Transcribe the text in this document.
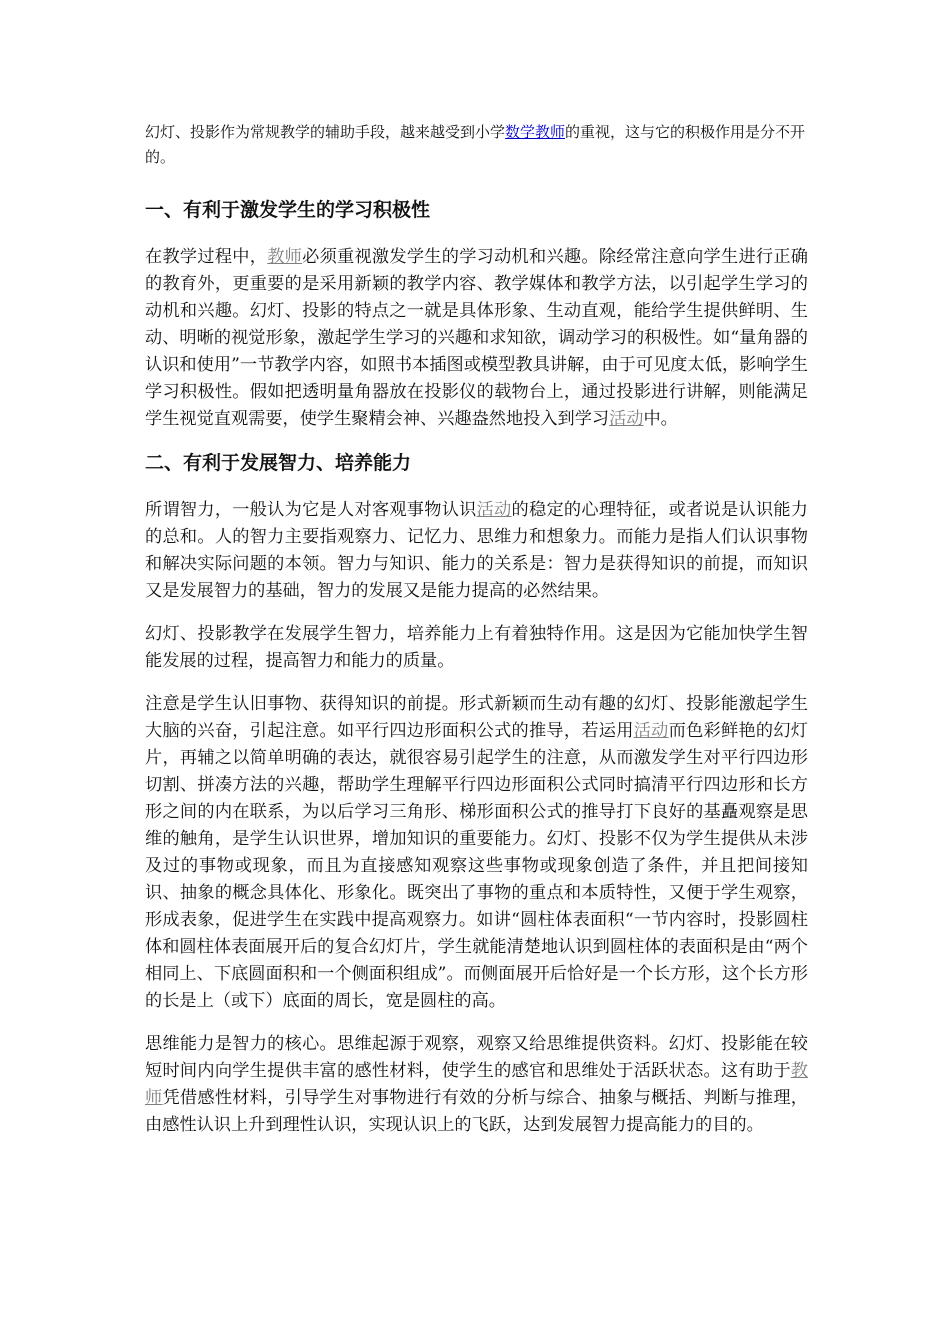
幻灯、投影作为常规教学的辅助手段，越来越受到小学数学教师的重视，这与它的积极作用是分不开的。

一、有利于激发学生的学习积极性

在教学过程中，教师必须重视激发学生的学习动机和兴趣。除经常注意向学生进行正确的教育外，更重要的是采用新颖的教学内容、教学媒体和教学方法，以引起学生学习的动机和兴趣。幻灯、投影的特点之一就是具体形象、生动直观，能给学生提供鲜明、生动、明晰的视觉形象，激起学生学习的兴趣和求知欲，调动学习的积极性。如“量角器的认识和使用”一节教学内容，如照书本插图或模型教具讲解，由于可见度太低，影响学生学习积极性。假如把透明量角器放在投影仪的载物台上，通过投影进行讲解，则能满足学生视觉直观需要，使学生聚精会神、兴趣盎然地投入到学习活动中。

二、有利于发展智力、培养能力

所谓智力，一般认为它是人对客观事物认识活动的稳定的心理特征，或者说是认识能力的总和。人的智力主要指观察力、记忆力、思维力和想象力。而能力是指人们认识事物和解决实际问题的本领。智力与知识、能力的关系是：智力是获得知识的前提，而知识又是发展智力的基础，智力的发展又是能力提高的必然结果。

幻灯、投影教学在发展学生智力，培养能力上有着独特作用。这是因为它能加快学生智能发展的过程，提高智力和能力的质量。

注意是学生认旧事物、获得知识的前提。形式新颖而生动有趣的幻灯、投影能激起学生大脑的兴奋，引起注意。如平行四边形面积公式的推导，若运用活动而色彩鲜艳的幻灯片，再辅之以简单明确的表达，就很容易引起学生的注意，从而激发学生对平行四边形切割、拼凑方法的兴趣，帮助学生理解平行四边形面积公式同时搞清平行四边形和长方形之间的内在联系，为以后学习三角形、梯形面积公式的推导打下良好的基矗观察是思维的触角，是学生认识世界，增加知识的重要能力。幻灯、投影不仅为学生提供从未涉及过的事物或现象，而且为直接感知观察这些事物或现象创造了条件，并且把间接知识、抽象的概念具体化、形象化。既突出了事物的重点和本质特性，又便于学生观察，形成表象，促进学生在实践中提高观察力。如讲“圆柱体表面积“一节内容时，投影圆柱体和圆柱体表面展开后的复合幻灯片，学生就能清楚地认识到圆柱体的表面积是由“两个相同上、下底圆面积和一个侧面积组成”。而侧面展开后恰好是一个长方形，这个长方形的长是上（或下）底面的周长，宽是圆柱的高。

思维能力是智力的核心。思维起源于观察，观察又给思维提供资料。幻灯、投影能在较短时间内向学生提供丰富的感性材料，使学生的感官和思维处于活跃状态。这有助于教师凭借感性材料，引导学生对事物进行有效的分析与综合、抽象与概括、判断与推理，由感性认识上升到理性认识，实现认识上的飞跃，达到发展智力提高能力的目的。
